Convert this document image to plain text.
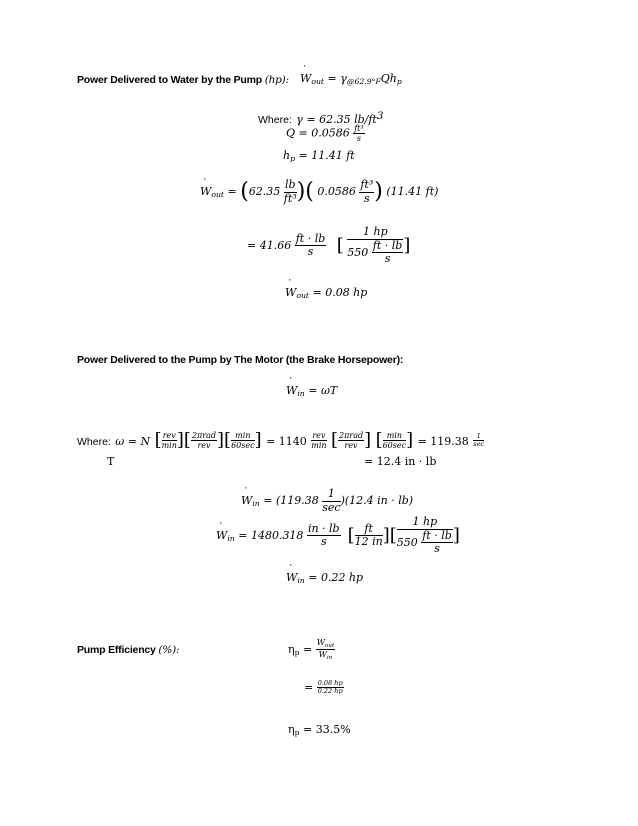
Power Delivered to Water by the Pump (hp):
˙ $W_{out} = \gamma_{@62.9^\circ F}Qh_p$
Where: γ = 62.35 $lb/ft^3$
$Q = 0.0586 \frac{\text{ft³}}{s}$
$h_p = 11.41$ ft
˙ $W_{out} = (62.35 \frac{lb}{\text{ft³}}$ )( $0.0586 \frac{\text{ft³}}{s}$ ) (11.41 ft)
= $41.66 \frac{ft \cdot lb}{s}$ [ $\frac{1 hp}{550 \frac{ft \cdot lb}{s}}$ ]
˙ $W_{out} = 0.08$ hp
Power Delivered to the Pump by The Motor (the Brake Horsepower):
˙ $W_{in} = \omega T$
Where: ω = N [ $\frac{\text{rev}}{\min}$ ][ $\frac{\text{2πrad}}{\text{rev}}$ ][ $\frac{\min}{60\sec}$ ] = $1140 \frac{\text{rev}}{\min}$ [ $\frac{\text{2πrad}}{\text{rev}}$ ] [ $\frac{\min}{60\sec}$ ] = $119.38 \frac{1}{\sec}$
T	= 12.4 in · lb
˙ $W_{in} = (119.38 \frac{1}{\sec} )(12.4$ in · lb)
˙ $W_{in} = 1480.318 \frac{in \cdot lb}{s}$ [ $\frac{ft}{12 in}$ ][ $\frac{1 hp}{550 \frac{ft \cdot lb}{s}}$ ]
˙ $W_{in} = 0.22$ hp
Pump Efficiency (%):	$\eta_p = \frac{W_{out}}{W_{in}}$
= $\frac{0.08 hp}{0.22 hp}$
$\eta_p = 33.5\%$
